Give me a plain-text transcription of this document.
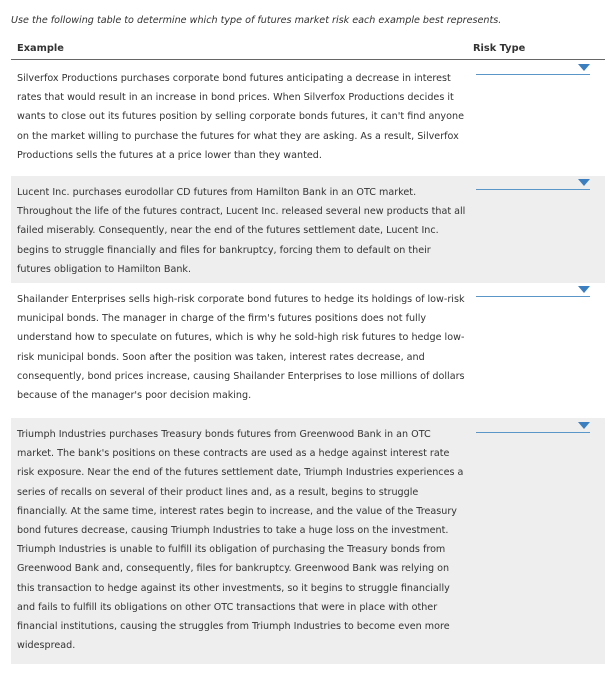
Use the following table to determine which type of futures market risk each example best represents.
Example	Risk Type
Silverfox Productions purchases corporate bond futures anticipating a decrease in interest rates that would result in an increase in bond prices. When Silverfox Productions decides it wants to close out its futures position by selling corporate bonds futures, it can't find anyone on the market willing to purchase the futures for what they are asking. As a result, Silverfox Productions sells the futures at a price lower than they wanted.
Lucent Inc. purchases eurodollar CD futures from Hamilton Bank in an OTC market. Throughout the life of the futures contract, Lucent Inc. released several new products that all failed miserably. Consequently, near the end of the futures settlement date, Lucent Inc. begins to struggle financially and files for bankruptcy, forcing them to default on their futures obligation to Hamilton Bank.
Shailander Enterprises sells high-risk corporate bond futures to hedge its holdings of low-risk municipal bonds. The manager in charge of the firm's futures positions does not fully understand how to speculate on futures, which is why he sold-high risk futures to hedge low-risk municipal bonds. Soon after the position was taken, interest rates decrease, and consequently, bond prices increase, causing Shailander Enterprises to lose millions of dollars because of the manager's poor decision making.
Triumph Industries purchases Treasury bonds futures from Greenwood Bank in an OTC market. The bank's positions on these contracts are used as a hedge against interest rate risk exposure. Near the end of the futures settlement date, Triumph Industries experiences a series of recalls on several of their product lines and, as a result, begins to struggle financially. At the same time, interest rates begin to increase, and the value of the Treasury bond futures decrease, causing Triumph Industries to take a huge loss on the investment. Triumph Industries is unable to fulfill its obligation of purchasing the Treasury bonds from Greenwood Bank and, consequently, files for bankruptcy. Greenwood Bank was relying on this transaction to hedge against its other investments, so it begins to struggle financially and fails to fulfill its obligations on other OTC transactions that were in place with other financial institutions, causing the struggles from Triumph Industries to become even more widespread.
